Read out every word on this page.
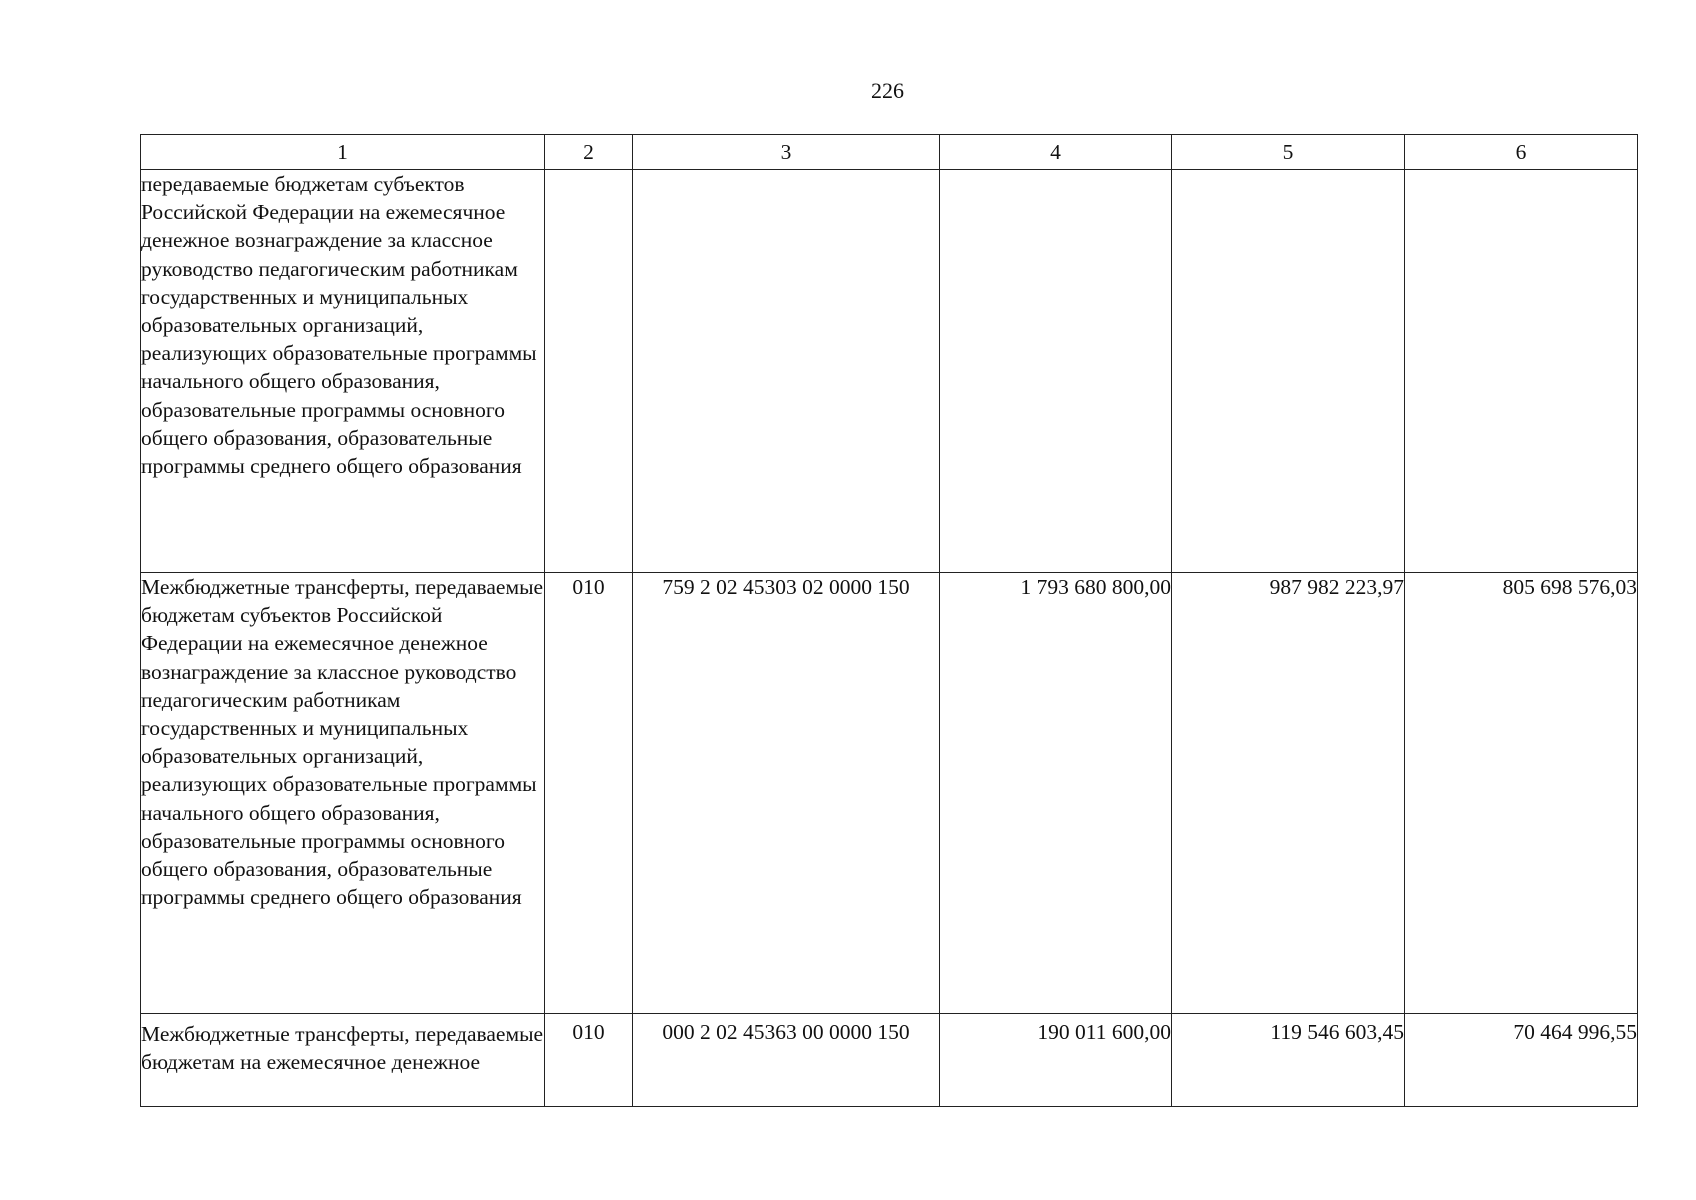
226
1	2	3	4	5	6
передаваемые бюджетам субъектов Российской Федерации на ежемесячное денежное вознаграждение за классное руководство педагогическим работникам государственных и муниципальных образовательных организаций, реализующих образовательные программы начального общего образования, образовательные программы основного общего образования, образовательные программы среднего общего образования					
Межбюджетные трансферты, передаваемые бюджетам субъектов Российской Федерации на ежемесячное денежное вознаграждение за классное руководство педагогическим работникам государственных и муниципальных образовательных организаций, реализующих образовательные программы начального общего образования, образовательные программы основного общего образования, образовательные программы среднего общего образования	010	759 2 02 45303 02 0000 150	1 793 680 800,00	987 982 223,97	805 698 576,03
Межбюджетные трансферты, передаваемые бюджетам на ежемесячное денежное	010	000 2 02 45363 00 0000 150	190 011 600,00	119 546 603,45	70 464 996,55
